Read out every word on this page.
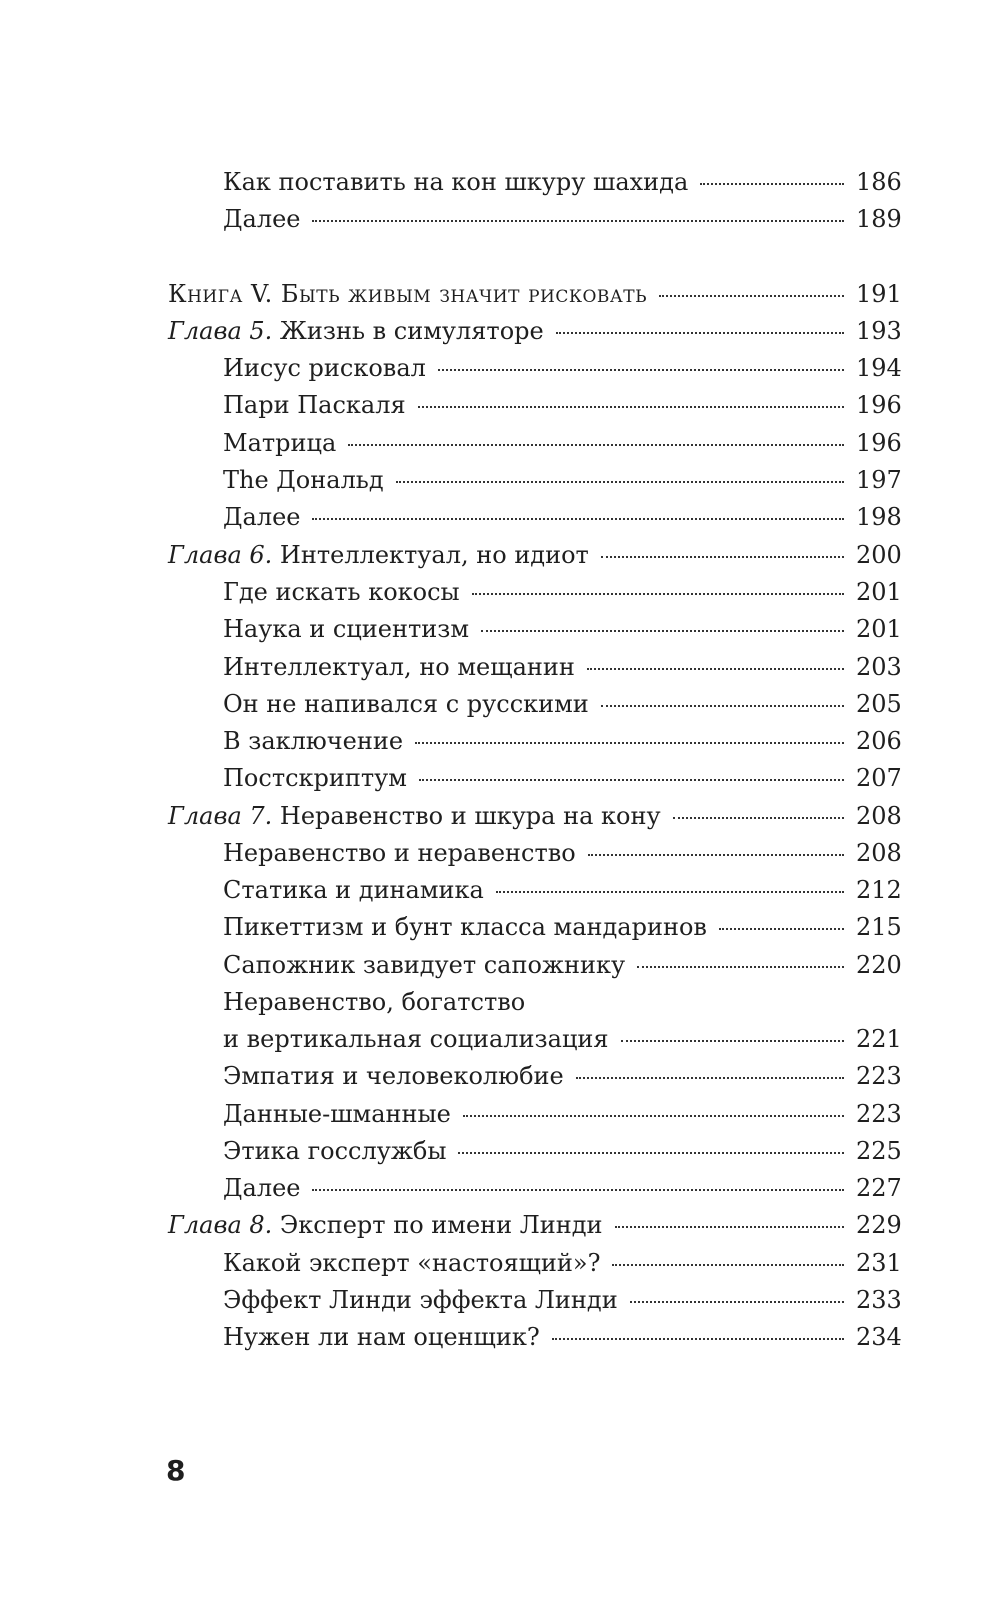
Как поставить на кон шкуру шахида	186
Далее	189
Книга V. Быть живым значит рисковать	191
Глава 5. Жизнь в симуляторе	193
Иисус рисковал	194
Пари Паскаля	196
Матрица	196
The Дональд	197
Далее	198
Глава 6. Интеллектуал, но идиот	200
Где искать кокосы	201
Наука и сциентизм	201
Интеллектуал, но мещанин	203
Он не напивался с русскими	205
В заключение	206
Постскриптум	207
Глава 7. Неравенство и шкура на кону	208
Неравенство и неравенство	208
Статика и динамика	212
Пикеттизм и бунт класса мандаринов	215
Сапожник завидует сапожнику	220
Неравенство, богатство
и вертикальная социализация	221
Эмпатия и человеколюбие	223
Данные-шманные	223
Этика госслужбы	225
Далее	227
Глава 8. Эксперт по имени Линди	229
Какой эксперт «настоящий»?	231
Эффект Линди эффекта Линди	233
Нужен ли нам оценщик?	234
8
